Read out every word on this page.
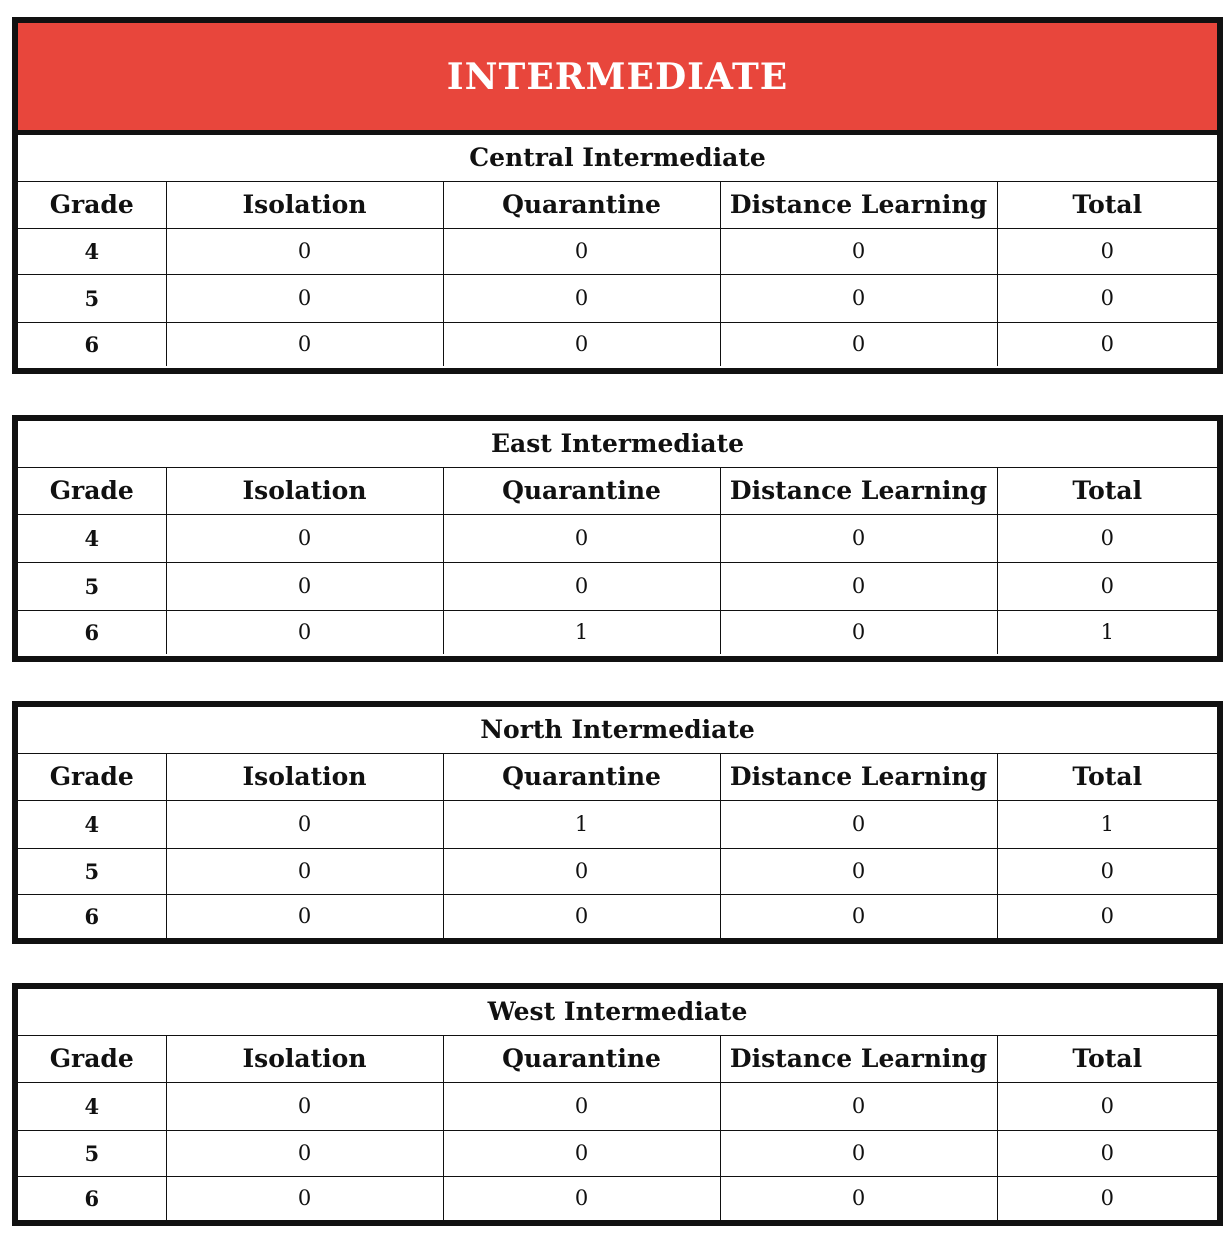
INTERMEDIATE
Central Intermediate				
Grade	Isolation	Quarantine	Distance Learning	Total
4	0	0	0	0
5	0	0	0	0
6	0	0	0	0
East Intermediate				
Grade	Isolation	Quarantine	Distance Learning	Total
4	0	0	0	0
5	0	0	0	0
6	0	1	0	1
North Intermediate				
Grade	Isolation	Quarantine	Distance Learning	Total
4	0	1	0	1
5	0	0	0	0
6	0	0	0	0
West Intermediate				
Grade	Isolation	Quarantine	Distance Learning	Total
4	0	0	0	0
5	0	0	0	0
6	0	0	0	0
